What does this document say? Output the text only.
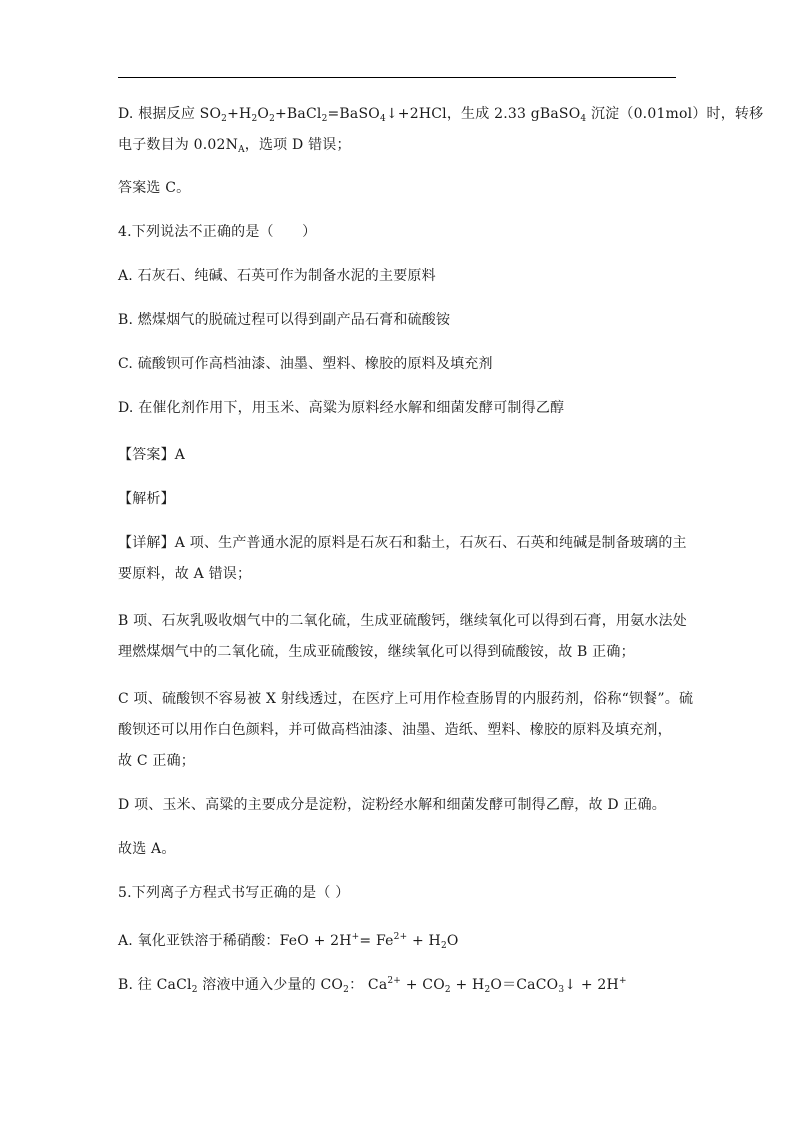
D. 根据反应 $SO_2+H_2O_2+BaCl_2=BaSO_4↓+2HCl$，生成 2.33 gBaSO$_4$ 沉淀（0.01mol）时，转移
电子数目为 $0.02N_A$，选项 D 错误；
答案选 C。
4.下列说法不正确的是（　　）
A. 石灰石、纯碱、石英可作为制备水泥的主要原料
B. 燃煤烟气的脱硫过程可以得到副产品石膏和硫酸铵
C. 硫酸钡可作高档油漆、油墨、塑料、橡胶的原料及填充剂
D. 在催化剂作用下，用玉米、高粱为原料经水解和细菌发酵可制得乙醇
【答案】A
【解析】
【详解】A 项、生产普通水泥的原料是石灰石和黏土，石灰石、石英和纯碱是制备玻璃的主
要原料，故 A 错误；
B 项、石灰乳吸收烟气中的二氧化硫，生成亚硫酸钙，继续氧化可以得到石膏，用氨水法处
理燃煤烟气中的二氧化硫，生成亚硫酸铵，继续氧化可以得到硫酸铵，故 B 正确；
C 项、硫酸钡不容易被 X 射线透过，在医疗上可用作检查肠胃的内服药剂，俗称“钡餐”。硫
酸钡还可以用作白色颜料，并可做高档油漆、油墨、造纸、塑料、橡胶的原料及填充剂，
故 C 正确；
D 项、玉米、高粱的主要成分是淀粉，淀粉经水解和细菌发酵可制得乙醇，故 D 正确。
故选 A。
5.下列离子方程式书写正确的是（ ）
A. 氧化亚铁溶于稀硝酸：FeO + $2H^+= Fe^{2+} + H_2O$
B. 往 CaCl$_2$ 溶液中通入少量的 $CO_2$： $Ca^{2+} + CO_2$ + $H_2O=CaCO_3↓ + 2H^+$
